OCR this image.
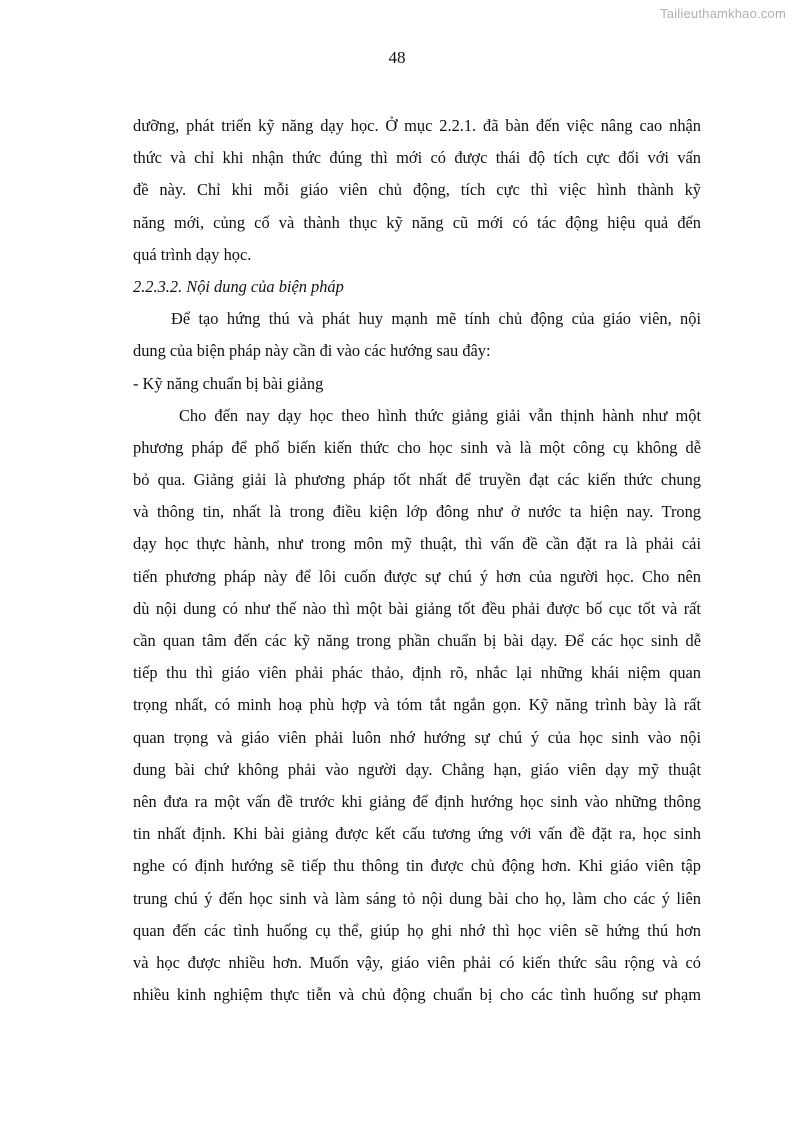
Tailieuthamkhao.com
48
dưỡng, phát triển kỹ năng dạy học. Ở mục 2.2.1. đã bàn đến việc nâng cao nhận
thức và chỉ khi nhận thức đúng thì mới có được thái độ tích cực đối với vấn
đề này. Chỉ khi mỗi giáo viên chủ động, tích cực thì việc hình thành kỹ
năng mới, củng cố và thành thục kỹ năng cũ mới có tác động hiệu quả đến
quá trình dạy học.
2.2.3.2. Nội dung của biện pháp
Để tạo hứng thú và phát huy mạnh mẽ tính chủ động của giáo viên, nội
dung của biện pháp này cần đi vào các hướng sau đây:
- Kỹ năng chuẩn bị bài giảng
Cho đến nay dạy học theo hình thức giảng giải vẫn thịnh hành như một
phương pháp để phổ biến kiến thức cho học sinh và là một công cụ không dễ
bỏ qua. Giảng giải là phương pháp tốt nhất để truyền đạt các kiến thức chung
và thông tin, nhất là trong điều kiện lớp đông như ở nước ta hiện nay. Trong
dạy học thực hành, như trong môn mỹ thuật, thì vấn đề cần đặt ra là phải cải
tiến phương pháp này để lôi cuốn được sự chú ý hơn của người học. Cho nên
dù nội dung có như thế nào thì một bài giảng tốt đều phải được bố cục tốt và rất
cần quan tâm đến các kỹ năng trong phần chuẩn bị bài dạy. Để các học sinh dễ
tiếp thu thì giáo viên phải phác thảo, định rõ, nhắc lại những khái niệm quan
trọng nhất, có minh hoạ phù hợp và tóm tắt ngắn gọn. Kỹ năng trình bày là rất
quan trọng và giáo viên phải luôn nhớ hướng sự chú ý của học sinh vào nội
dung bài chứ không phải vào người dạy. Chẳng hạn, giáo viên dạy mỹ thuật
nên đưa ra một vấn đề trước khi giảng để định hướng học sinh vào những thông
tin nhất định. Khi bài giảng được kết cấu tương ứng với vấn đề đặt ra, học sinh
nghe có định hướng sẽ tiếp thu thông tin được chủ động hơn. Khi giáo viên tập
trung chú ý đến học sinh và làm sáng tỏ nội dung bài cho họ, làm cho các ý liên
quan đến các tình huống cụ thể, giúp họ ghi nhớ thì học viên sẽ hứng thú hơn
và học được nhiều hơn. Muốn vậy, giáo viên phải có kiến thức sâu rộng và có
nhiều kinh nghiệm thực tiễn và chủ động chuẩn bị cho các tình huống sư phạm
